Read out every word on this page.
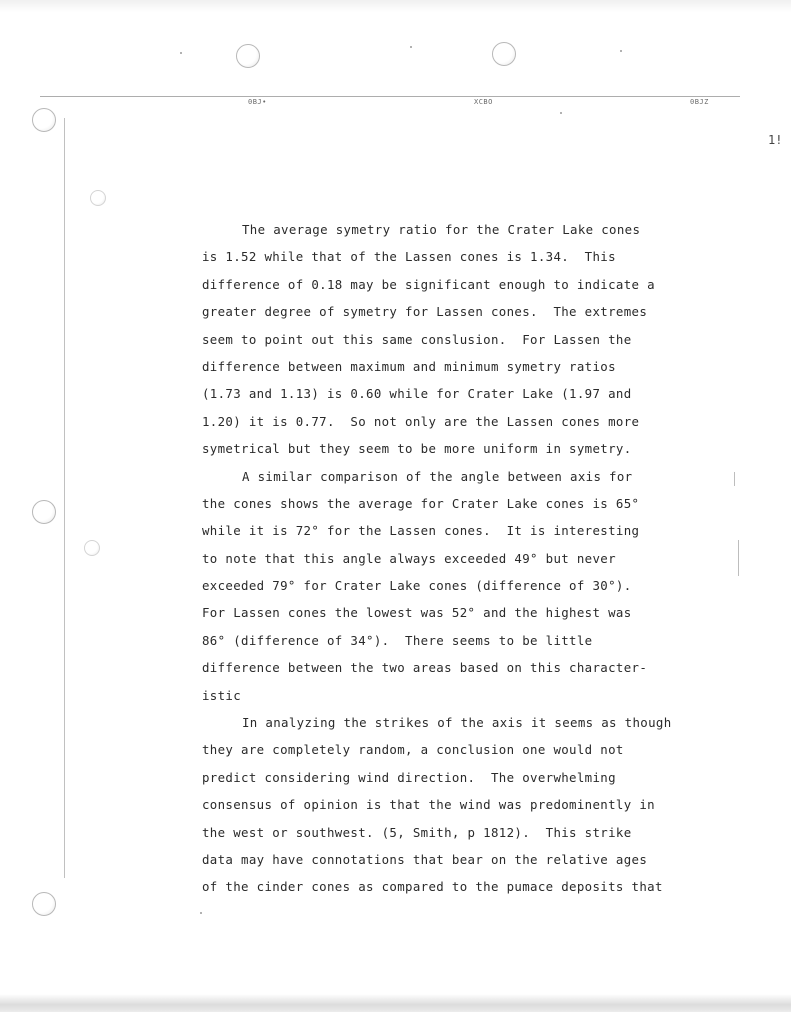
0BJ•	XCBO	0BJZ
1!
The average symetry ratio for the Crater Lake cones
is 1.52 while that of the Lassen cones is 1.34.  This
difference of 0.18 may be significant enough to indicate a
greater degree of symetry for Lassen cones.  The extremes
seem to point out this same conslusion.  For Lassen the
difference between maximum and minimum symetry ratios
(1.73 and 1.13) is 0.60 while for Crater Lake (1.97 and
1.20) it is 0.77.  So not only are the Lassen cones more
symetrical but they seem to be more uniform in symetry.
A similar comparison of the angle between axis for
the cones shows the average for Crater Lake cones is 65°
while it is 72° for the Lassen cones.  It is interesting
to note that this angle always exceeded 49° but never
exceeded 79° for Crater Lake cones (difference of 30°).
For Lassen cones the lowest was 52° and the highest was
86° (difference of 34°).  There seems to be little
difference between the two areas based on this character-
istic
In analyzing the strikes of the axis it seems as though
they are completely random, a conclusion one would not
predict considering wind direction.  The overwhelming
consensus of opinion is that the wind was predominently in
the west or southwest. (5, Smith, p 1812).  This strike
data may have connotations that bear on the relative ages
of the cinder cones as compared to the pumace deposits that
